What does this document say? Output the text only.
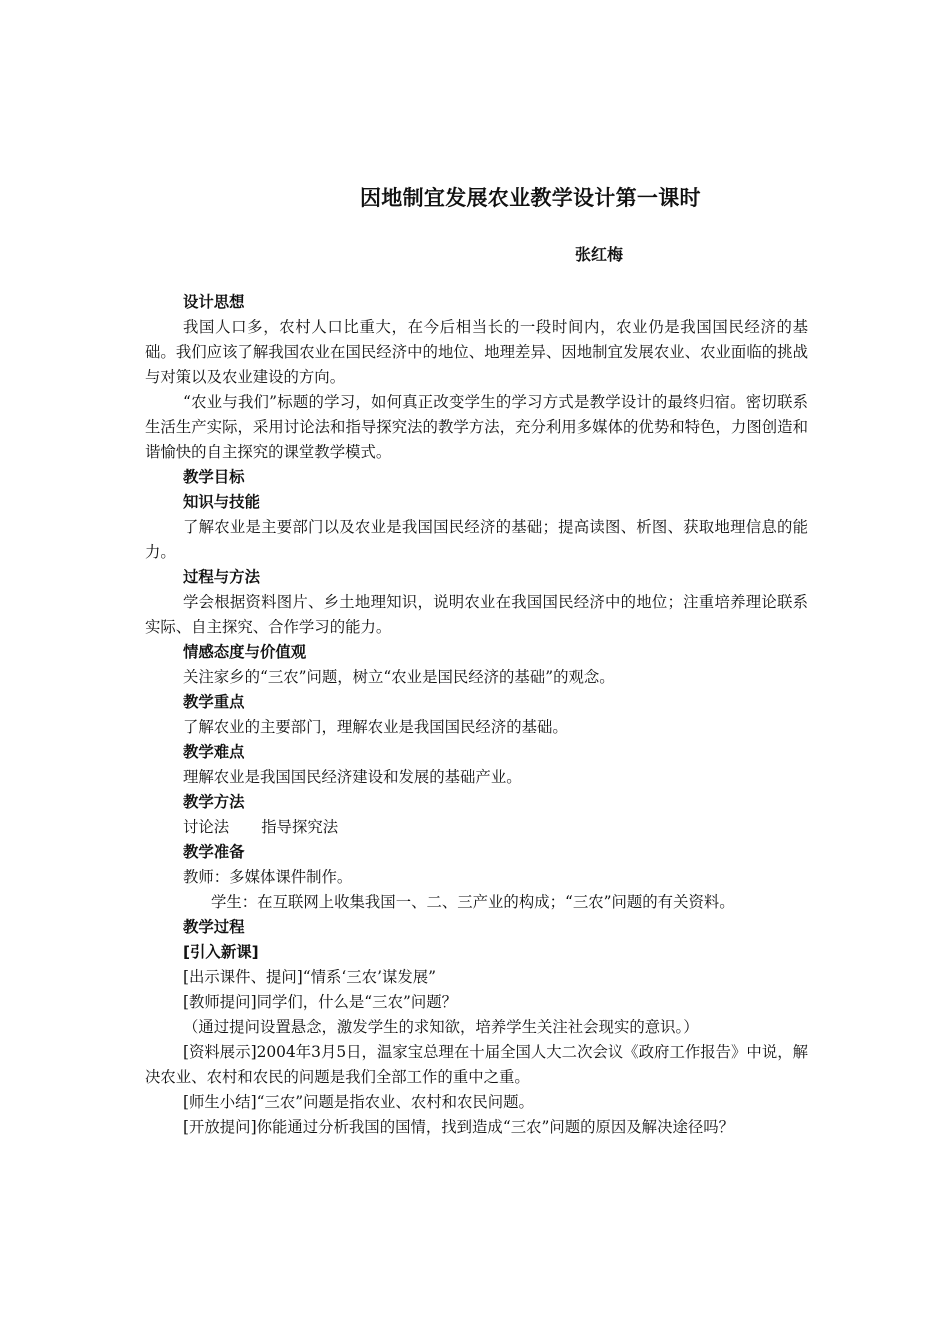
因地制宜发展农业教学设计第一课时
张红梅

设计思想

我国人口多，农村人口比重大，在今后相当长的一段时间内，农业仍是我国国民经济的基础。我们应该了解我国农业在国民经济中的地位、地理差异、因地制宜发展农业、农业面临的挑战与对策以及农业建设的方向。

“农业与我们”标题的学习，如何真正改变学生的学习方式是教学设计的最终归宿。密切联系生活生产实际，采用讨论法和指导探究法的教学方法，充分利用多媒体的优势和特色，力图创造和谐愉快的自主探究的课堂教学模式。

教学目标

知识与技能

了解农业是主要部门以及农业是我国国民经济的基础；提高读图、析图、获取地理信息的能力。

过程与方法

学会根据资料图片、乡土地理知识，说明农业在我国国民经济中的地位；注重培养理论联系实际、自主探究、合作学习的能力。

情感态度与价值观

关注家乡的“三农”问题，树立“农业是国民经济的基础”的观念。

教学重点

了解农业的主要部门，理解农业是我国国民经济的基础。

教学难点

理解农业是我国国民经济建设和发展的基础产业。

教学方法

讨论法 指导探究法

教学准备

教师：多媒体课件制作。

学生：在互联网上收集我国一、二、三产业的构成；“三农”问题的有关资料。

教学过程

[引入新课]

[出示课件、提问]“情系‘三农’谋发展”

[教师提问]同学们，什么是“三农”问题？

（通过提问设置悬念，激发学生的求知欲，培养学生关注社会现实的意识。）

[资料展示]2004年3月5日，温家宝总理在十届全国人大二次会议《政府工作报告》中说，解决农业、农村和农民的问题是我们全部工作的重中之重。

[师生小结]“三农”问题是指农业、农村和农民问题。

[开放提问]你能通过分析我国的国情，找到造成“三农”问题的原因及解决途径吗？
